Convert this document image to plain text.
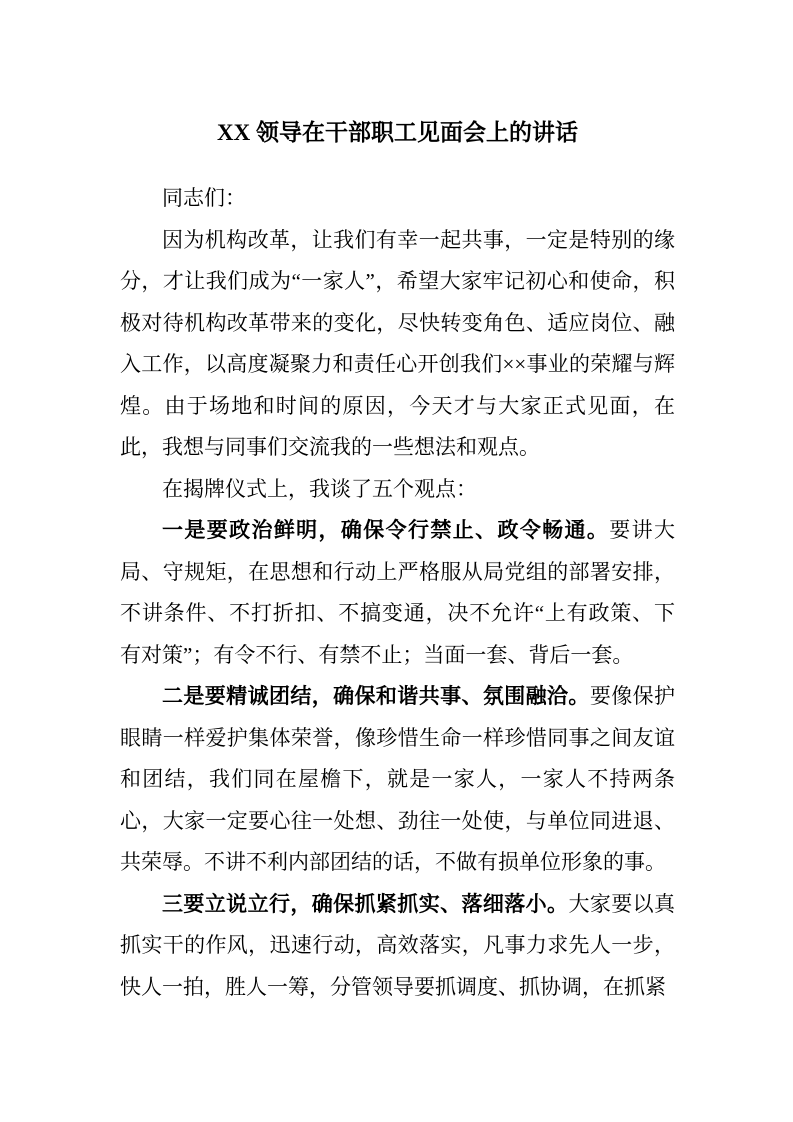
XX 领导在干部职工见面会上的讲话

同志们：

因为机构改革，让我们有幸一起共事，一定是特别的缘分，才让我们成为“一家人”，希望大家牢记初心和使命，积极对待机构改革带来的变化，尽快转变角色、适应岗位、融入工作，以高度凝聚力和责任心开创我们××事业的荣耀与辉煌。由于场地和时间的原因，今天才与大家正式见面，在此，我想与同事们交流我的一些想法和观点。

在揭牌仪式上，我谈了五个观点：

一是要政治鲜明，确保令行禁止、政令畅通。要讲大局、守规矩，在思想和行动上严格服从局党组的部署安排，不讲条件、不打折扣、不搞变通，决不允许“上有政策、下有对策”；有令不行、有禁不止；当面一套、背后一套。

二是要精诚团结，确保和谐共事、氛围融洽。要像保护眼睛一样爱护集体荣誉，像珍惜生命一样珍惜同事之间友谊和团结，我们同在屋檐下，就是一家人，一家人不持两条心，大家一定要心往一处想、劲往一处使，与单位同进退、共荣辱。不讲不利内部团结的话，不做有损单位形象的事。

三要立说立行，确保抓紧抓实、落细落小。大家要以真抓实干的作风，迅速行动，高效落实，凡事力求先人一步，快人一拍，胜人一筹，分管领导要抓调度、抓协调，在抓紧
